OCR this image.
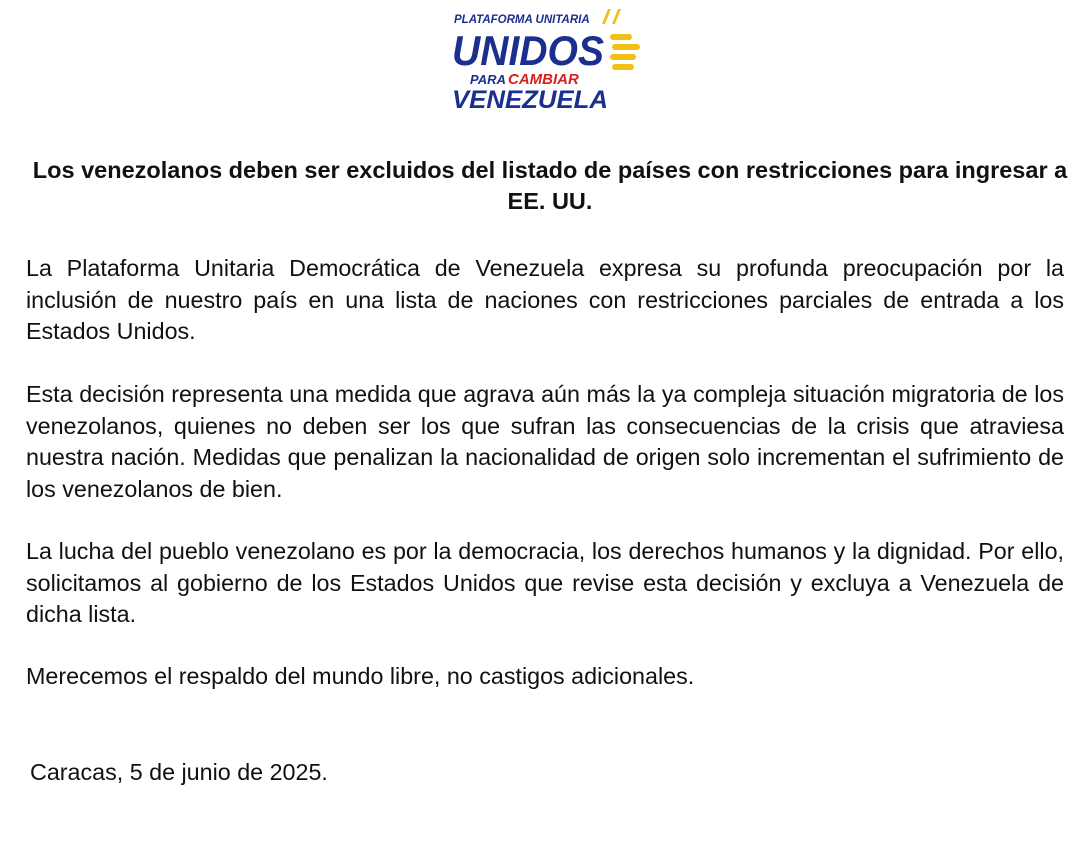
PLATAFORMA UNITARIA
UNIDOS
PARA CAMBIAR
VENEZUELA
Los venezolanos deben ser excluidos del listado de países con restricciones para ingresar a EE. UU.

La Plataforma Unitaria Democrática de Venezuela expresa su profunda preocupación por la inclusión de nuestro país en una lista de naciones con restricciones parciales de entrada a los Estados Unidos.

Esta decisión representa una medida que agrava aún más la ya compleja situación migratoria de los venezolanos, quienes no deben ser los que sufran las consecuencias de la crisis que atraviesa nuestra nación. Medidas que penalizan la nacionalidad de origen solo incrementan el sufrimiento de los venezolanos de bien.

La lucha del pueblo venezolano es por la democracia, los derechos humanos y la dignidad. Por ello, solicitamos al gobierno de los Estados Unidos que revise esta decisión y excluya a Venezuela de dicha lista.

Merecemos el respaldo del mundo libre, no castigos adicionales.

Caracas, 5 de junio de 2025.
